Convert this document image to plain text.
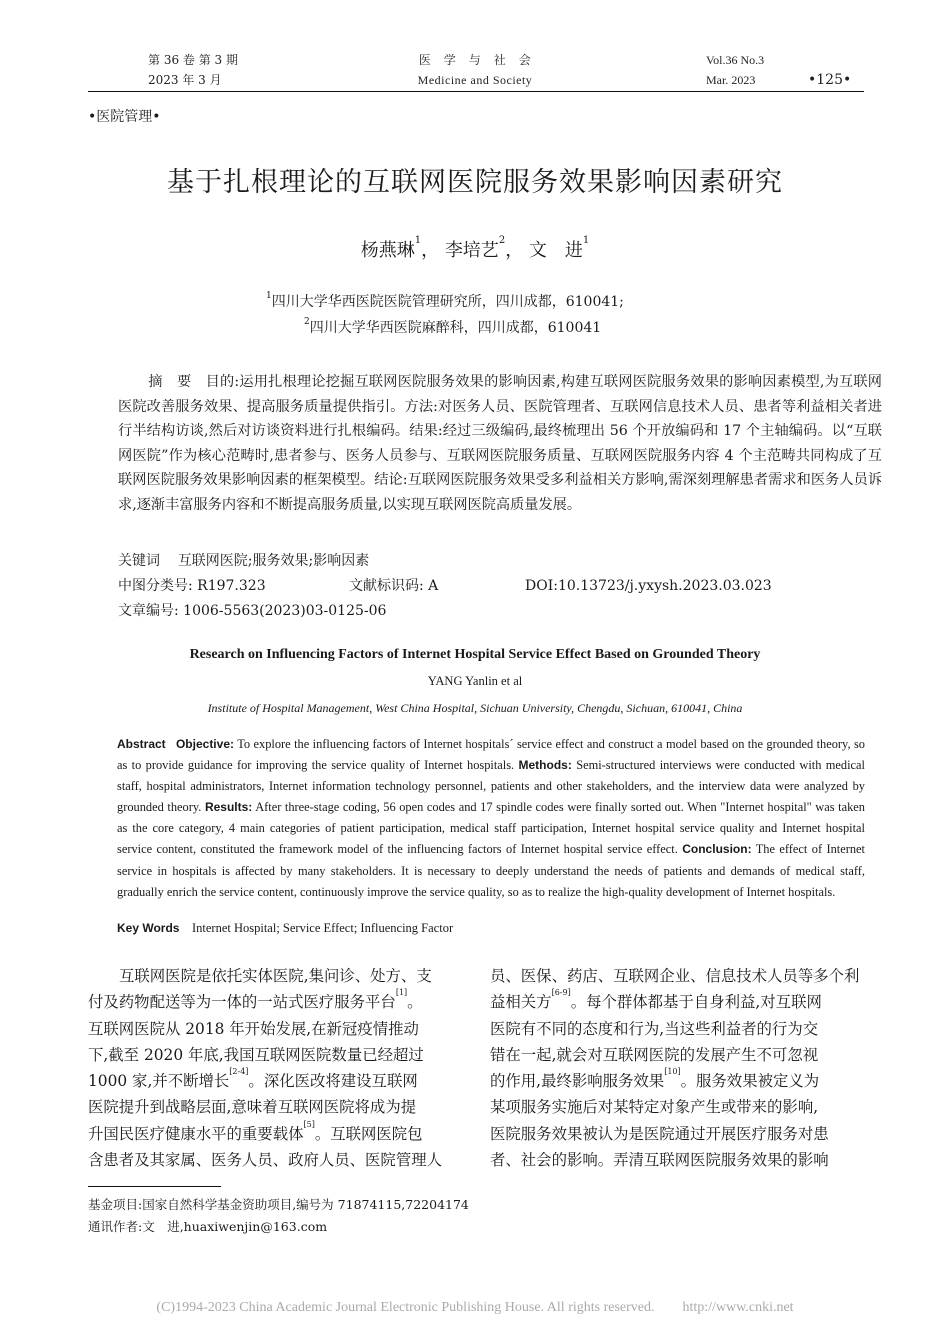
第 36 卷 第 3 期
2023 年 3 月
医　学　与　社　会
Medicine and Society
Vol.36 No.3
Mar. 2023	•125•
•医院管理•
基于扎根理论的互联网医院服务效果影响因素研究
杨燕琳$^1$， 李培艺$^2$， 文　进$^1$
$^1$四川大学华西医院医院管理研究所，四川成都，610041;
$^2$四川大学华西医院麻醉科，四川成都，610041
摘　要 目的:运用扎根理论挖掘互联网医院服务效果的影响因素,构建互联网医院服务效果的影响因素模型,为互联网医院改善服务效果、提高服务质量提供指引。方法:对医务人员、医院管理者、互联网信息技术人员、患者等利益相关者进行半结构访谈,然后对访谈资料进行扎根编码。结果:经过三级编码,最终梳理出 56 个开放编码和 17 个主轴编码。以“互联网医院”作为核心范畴时,患者参与、医务人员参与、互联网医院服务质量、互联网医院服务内容 4 个主范畴共同构成了互联网医院服务效果影响因素的框架模型。结论:互联网医院服务效果受多利益相关方影响,需深刻理解患者需求和医务人员诉求,逐渐丰富服务内容和不断提高服务质量,以实现互联网医院高质量发展。
关键词 互联网医院;服务效果;影响因素
中图分类号: R197.323	文献标识码: A	DOI:10.13723/j.yxysh.2023.03.023
文章编号: 1006-5563(2023)03-0125-06
Research on Influencing Factors of Internet Hospital Service Effect Based on Grounded Theory
YANG Yanlin et al
Institute of Hospital Management, West China Hospital, Sichuan University, Chengdu, Sichuan, 610041, China
Abstract Objective: To explore the influencing factors of Internet hospitals´ service effect and construct a model based on the grounded theory, so as to provide guidance for improving the service quality of Internet hospitals. Methods: Semi-structured interviews were conducted with medical staff, hospital administrators, Internet information technology personnel, patients and other stakeholders, and the interview data were analyzed by grounded theory. Results: After three-stage coding, 56 open codes and 17 spindle codes were finally sorted out. When "Internet hospital" was taken as the core category, 4 main categories of patient participation, medical staff participation, Internet hospital service quality and Internet hospital service content, constituted the framework model of the influencing factors of Internet hospital service effect. Conclusion: The effect of Internet service in hospitals is affected by many stakeholders. It is necessary to deeply understand the needs of patients and demands of medical staff, gradually enrich the service content, continuously improve the service quality, so as to realize the high-quality development of Internet hospitals.
Key Words Internet Hospital; Service Effect; Influencing Factor
互联网医院是依托实体医院,集问诊、处方、支
付及药物配送等为一体的一站式医疗服务平台[1]。
互联网医院从 2018 年开始发展,在新冠疫情推动
下,截至 2020 年底,我国互联网医院数量已经超过
1000 家,并不断增长[2-4]。深化医改将建设互联网
医院提升到战略层面,意味着互联网医院将成为提
升国民医疗健康水平的重要载体[5]。互联网医院包
含患者及其家属、医务人员、政府人员、医院管理人
员、医保、药店、互联网企业、信息技术人员等多个利
益相关方[6-9]。每个群体都基于自身利益,对互联网
医院有不同的态度和行为,当这些利益者的行为交
错在一起,就会对互联网医院的发展产生不可忽视
的作用,最终影响服务效果[10]。服务效果被定义为
某项服务实施后对某特定对象产生或带来的影响,
医院服务效果被认为是医院通过开展医疗服务对患
者、社会的影响。弄清互联网医院服务效果的影响
基金项目:国家自然科学基金资助项目,编号为 71874115,72204174
通讯作者:文　进,huaxiwenjin@163.com
(C)1994-2023 China Academic Journal Electronic Publishing House. All rights reserved.　　http://www.cnki.net
